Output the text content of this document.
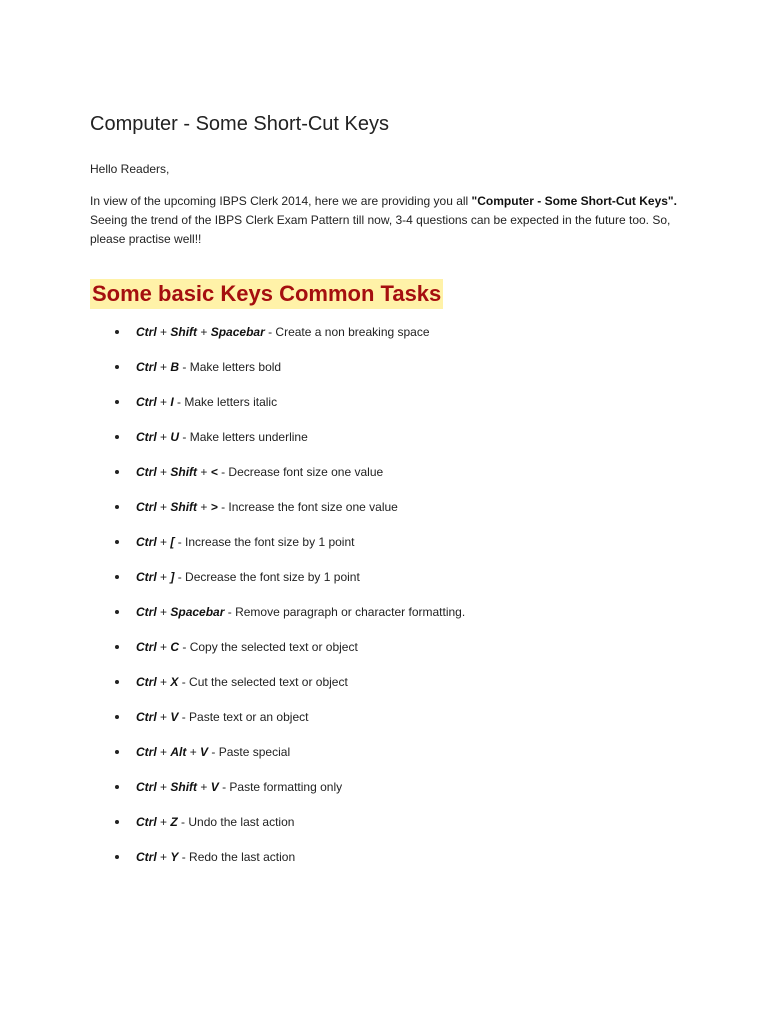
Computer - Some Short-Cut Keys

Hello Readers,

In view of the upcoming IBPS Clerk 2014, here we are providing you all "Computer - Some Short-Cut Keys". Seeing the trend of the IBPS Clerk Exam Pattern till now, 3-4 questions can be expected in the future too. So, please practise well!!

Some basic Keys Common Tasks
Ctrl + Shift + Spacebar - Create a non breaking space
Ctrl + B - Make letters bold
Ctrl + I - Make letters italic
Ctrl + U - Make letters underline
Ctrl + Shift + < - Decrease font size one value
Ctrl + Shift + > - Increase the font size one value
Ctrl + [ - Increase the font size by 1 point
Ctrl + ] - Decrease the font size by 1 point
Ctrl + Spacebar - Remove paragraph or character formatting.
Ctrl + C - Copy the selected text or object
Ctrl + X - Cut the selected text or object
Ctrl + V - Paste text or an object
Ctrl + Alt + V - Paste special
Ctrl + Shift + V - Paste formatting only
Ctrl + Z - Undo the last action
Ctrl + Y - Redo the last action
